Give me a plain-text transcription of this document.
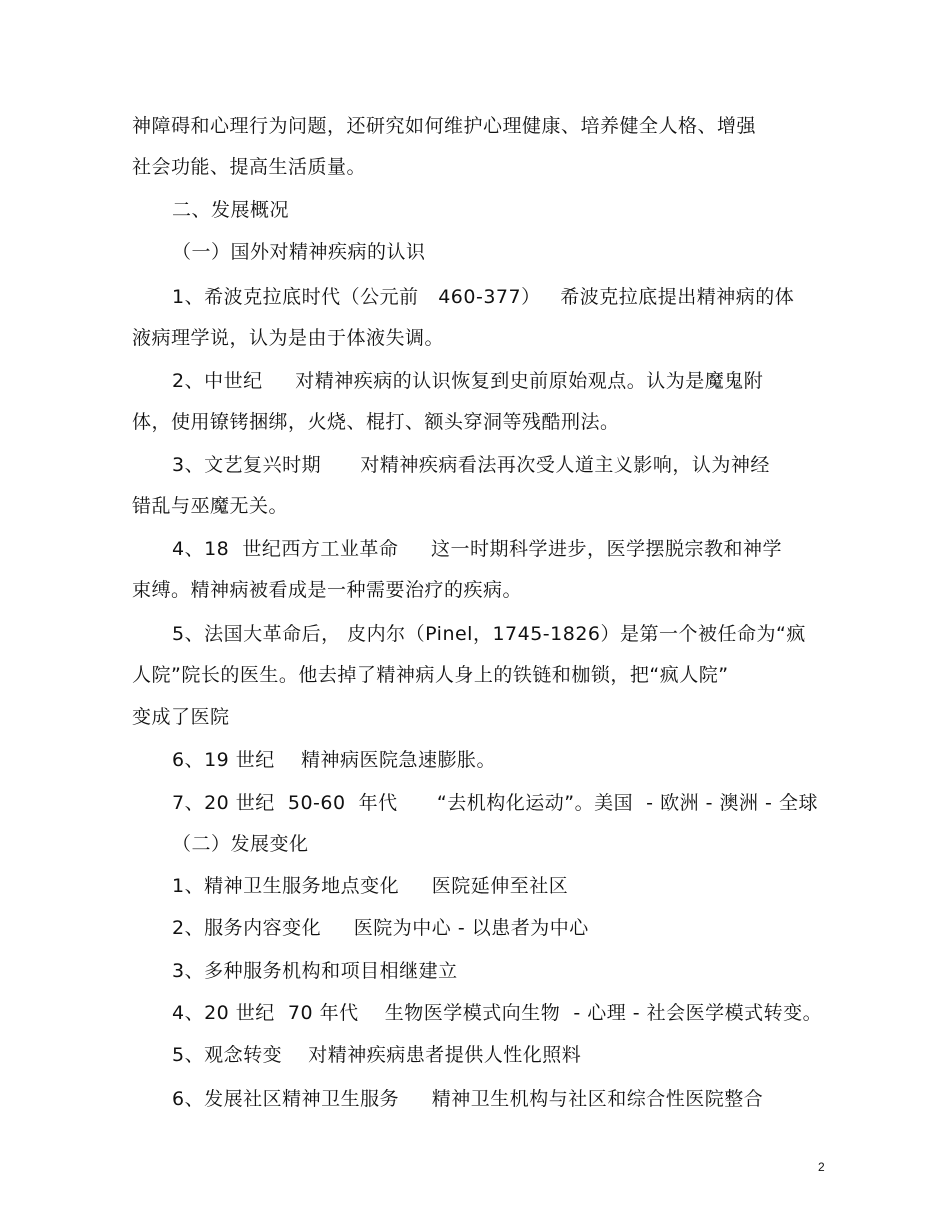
神障碍和心理行为问题，还研究如何维护心理健康、培养健全人格、增强
社会功能、提高生活质量。
二、发展概况
（一）国外对精神疾病的认识
1、希波克拉底时代（公元前   460-377）   希波克拉底提出精神病的体
液病理学说，认为是由于体液失调。
2、中世纪     对精神疾病的认识恢复到史前原始观点。认为是魔鬼附
体，使用镣铐捆绑，火烧、棍打、额头穿洞等残酷刑法。
3、文艺复兴时期      对精神疾病看法再次受人道主义影响，认为神经
错乱与巫魔无关。
4、18  世纪西方工业革命     这一时期科学进步，医学摆脱宗教和神学
束缚。精神病被看成是一种需要治疗的疾病。
5、法国大革命后， 皮内尔（Pinel，1745-1826）是第一个被任命为“疯
人院”院长的医生。他去掉了精神病人身上的铁链和枷锁，把“疯人院”
变成了医院
6、19 世纪    精神病医院急速膨胀。
7、20 世纪  50-60  年代      “去机构化运动”。美国  - 欧洲 - 澳洲 - 全球
（二）发展变化
1、精神卫生服务地点变化     医院延伸至社区
2、服务内容变化     医院为中心 - 以患者为中心
3、多种服务机构和项目相继建立
4、20 世纪  70 年代    生物医学模式向生物  - 心理 - 社会医学模式转变。
5、观念转变    对精神疾病患者提供人性化照料
6、发展社区精神卫生服务     精神卫生机构与社区和综合性医院整合
2
